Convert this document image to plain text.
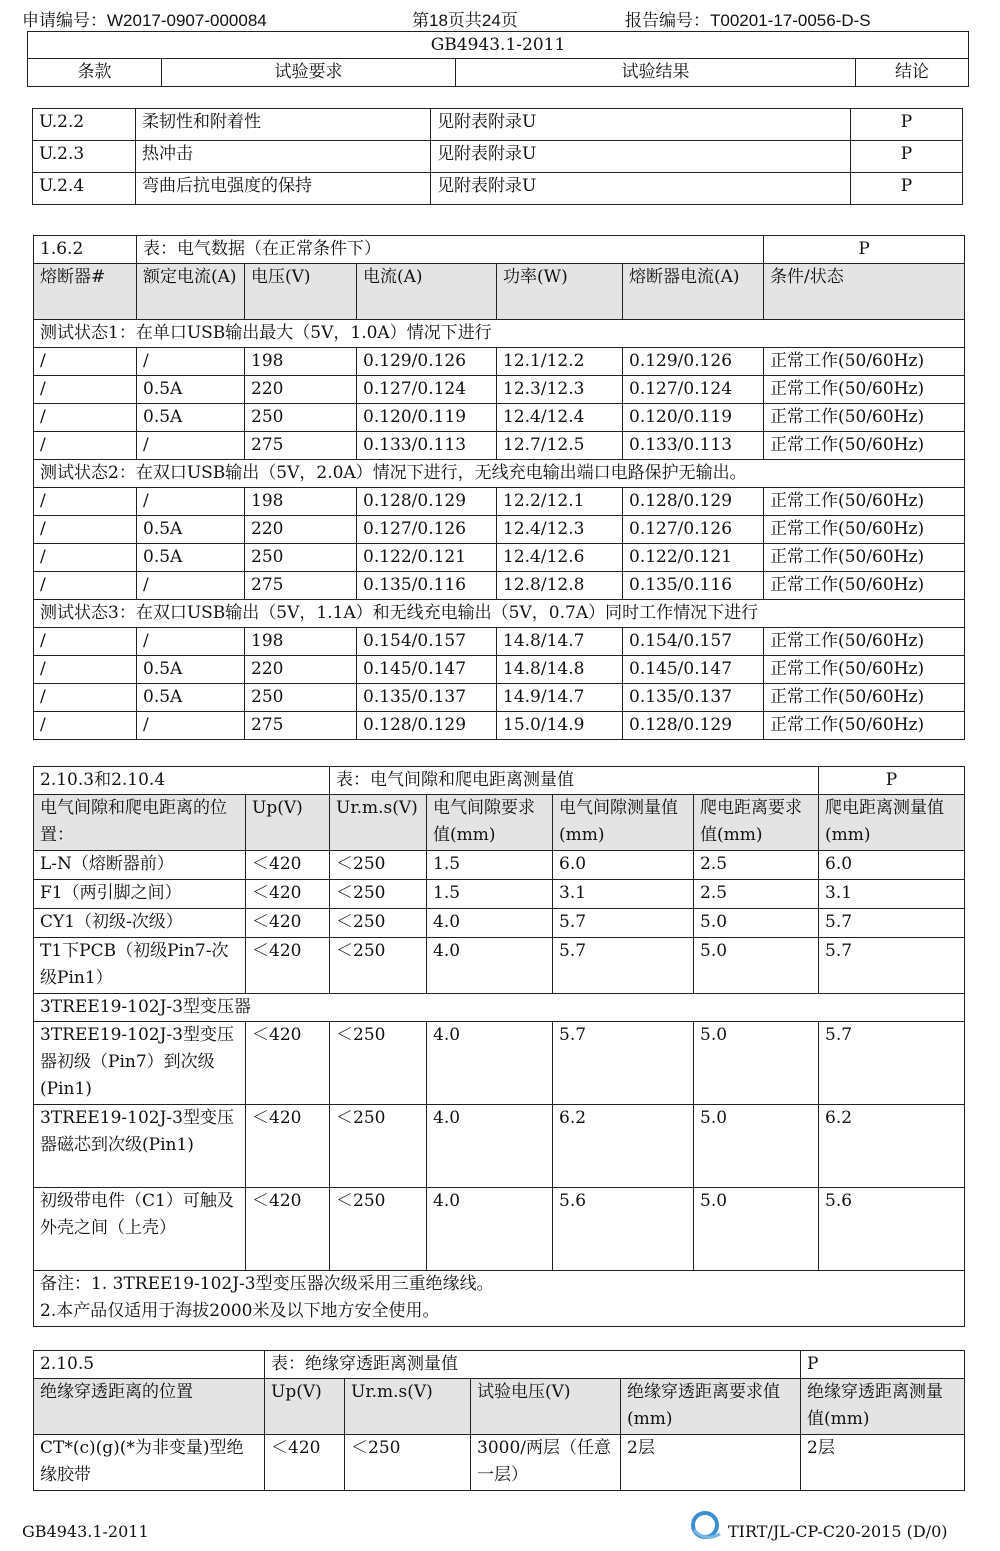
申请编号：W2017-0907-000084	第18页共24页	报告编号：T00201-17-0056-D-S
GB4943.1-2011
条款	试验要求	试验结果	结论
U.2.2	柔韧性和附着性	见附表附录U	P
U.2.3	热冲击	见附表附录U	P
U.2.4	弯曲后抗电强度的保持	见附表附录U	P
1.6.2	表：电气数据（在正常条件下）					P
熔断器#	额定电流(A)	电压(V)	电流(A)	功率(W)	熔断器电流(A)	条件/状态
测试状态1：在单口USB输出最大（5V，1.0A）情况下进行						
/	/	198	0.129/0.126	12.1/12.2	0.129/0.126	正常工作(50/60Hz)
/	0.5A	220	0.127/0.124	12.3/12.3	0.127/0.124	正常工作(50/60Hz)
/	0.5A	250	0.120/0.119	12.4/12.4	0.120/0.119	正常工作(50/60Hz)
/	/	275	0.133/0.113	12.7/12.5	0.133/0.113	正常工作(50/60Hz)
测试状态2：在双口USB输出（5V，2.0A）情况下进行，无线充电输出端口电路保护无输出。						
/	/	198	0.128/0.129	12.2/12.1	0.128/0.129	正常工作(50/60Hz)
/	0.5A	220	0.127/0.126	12.4/12.3	0.127/0.126	正常工作(50/60Hz)
/	0.5A	250	0.122/0.121	12.4/12.6	0.122/0.121	正常工作(50/60Hz)
/	/	275	0.135/0.116	12.8/12.8	0.135/0.116	正常工作(50/60Hz)
测试状态3：在双口USB输出（5V，1.1A）和无线充电输出（5V，0.7A）同时工作情况下进行						
/	/	198	0.154/0.157	14.8/14.7	0.154/0.157	正常工作(50/60Hz)
/	0.5A	220	0.145/0.147	14.8/14.8	0.145/0.147	正常工作(50/60Hz)
/	0.5A	250	0.135/0.137	14.9/14.7	0.135/0.137	正常工作(50/60Hz)
/	/	275	0.128/0.129	15.0/14.9	0.128/0.129	正常工作(50/60Hz)
2.10.3和2.10.4		表：电气间隙和爬电距离测量值				P
电气间隙和爬电距离的位置：	Up(V)	Ur.m.s(V)	电气间隙要求值(mm)	电气间隙测量值(mm)	爬电距离要求值(mm)	爬电距离测量值(mm)
L-N（熔断器前）	＜420	＜250	1.5	6.0	2.5	6.0
F1（两引脚之间）	＜420	＜250	1.5	3.1	2.5	3.1
CY1（初级-次级）	＜420	＜250	4.0	5.7	5.0	5.7
T1下PCB（初级Pin7-次级Pin1）	＜420	＜250	4.0	5.7	5.0	5.7
3TREE19-102J-3型变压器						
3TREE19-102J-3型变压器初级（Pin7）到次级(Pin1)	＜420	＜250	4.0	5.7	5.0	5.7
3TREE19-102J-3型变压器磁芯到次级(Pin1)	＜420	＜250	4.0	6.2	5.0	6.2
初级带电件（C1）可触及外壳之间（上壳）	＜420	＜250	4.0	5.6	5.0	5.6

备注：1. 3TREE19-102J-3型变压器次级采用三重绝缘线。
2.本产品仅适用于海拔2000米及以下地方安全使用。						
2.10.5	表：绝缘穿透距离测量值				P
绝缘穿透距离的位置	Up(V)	Ur.m.s(V)	试验电压(V)	绝缘穿透距离要求值(mm)	绝缘穿透距离测量值(mm)
CT*(c)(g)(*为非变量)型绝缘胶带	＜420	＜250	3000/两层（任意一层）	2层	2层
GB4943.1-2011	TIRT/JL-CP-C20-2015 (D/0)
